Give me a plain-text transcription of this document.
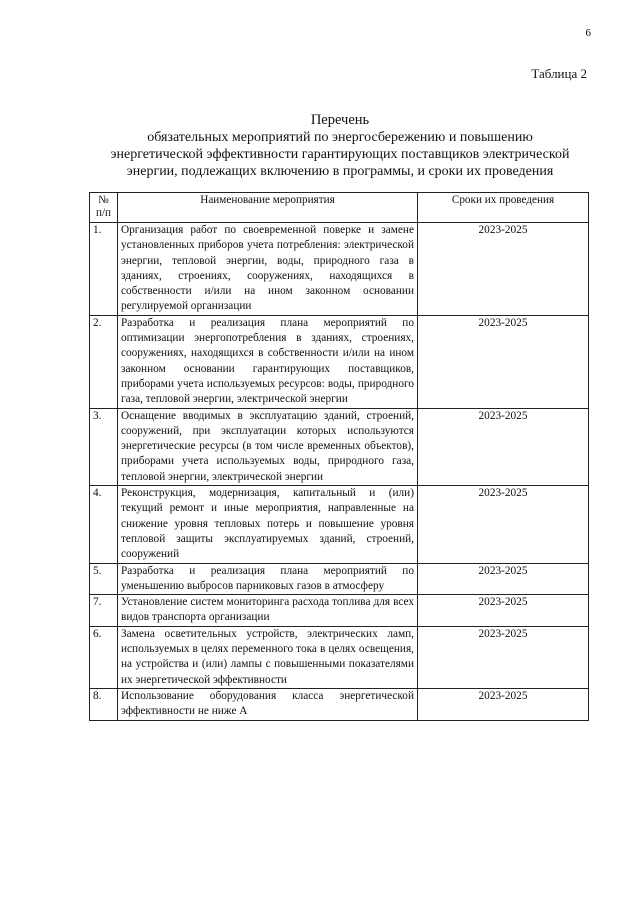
6
Таблица 2
Перечень
обязательных мероприятий по энергосбережению и повышению
энергетической эффективности гарантирующих поставщиков электрической
энергии, подлежащих включению в программы, и сроки их проведения
№
п/п	Наименование мероприятия	Сроки их проведения
1.	Организация работ по своевременной поверке и замене установленных приборов учета потребления: электрической энергии, тепловой энергии, воды, природного газа в зданиях, строениях, сооружениях, находящихся в собственности и/или на ином законном основании регулируемой организации	2023-2025
2.	Разработка и реализация плана мероприятий по оптимизации энергопотребления в зданиях, строениях, сооружениях, находящихся в собственности и/или на ином законном основании гарантирующих поставщиков, приборами учета используемых ресурсов: воды, природного газа, тепловой энергии, электрической энергии	2023-2025
3.	Оснащение вводимых в эксплуатацию зданий, строений, сооружений, при эксплуатации которых используются энергетические ресурсы (в том числе временных объектов), приборами учета используемых воды, природного газа, тепловой энергии, электрической энергии	2023-2025
4.	Реконструкция, модернизация, капитальный и (или) текущий ремонт и иные мероприятия, направленные на снижение уровня тепловых потерь и повышение уровня тепловой защиты эксплуатируемых зданий, строений, сооружений	2023-2025
5.	Разработка и реализация плана мероприятий по уменьшению выбросов парниковых газов в атмосферу	2023-2025
7.	Установление систем мониторинга расхода топлива для всех видов транспорта организации	2023-2025
6.	Замена осветительных устройств, электрических ламп, используемых в целях переменного тока в целях освещения, на устройства и (или) лампы с повышенными показателями их энергетической эффективности	2023-2025
8.	Использование оборудования класса энергетической эффективности не ниже А	2023-2025
